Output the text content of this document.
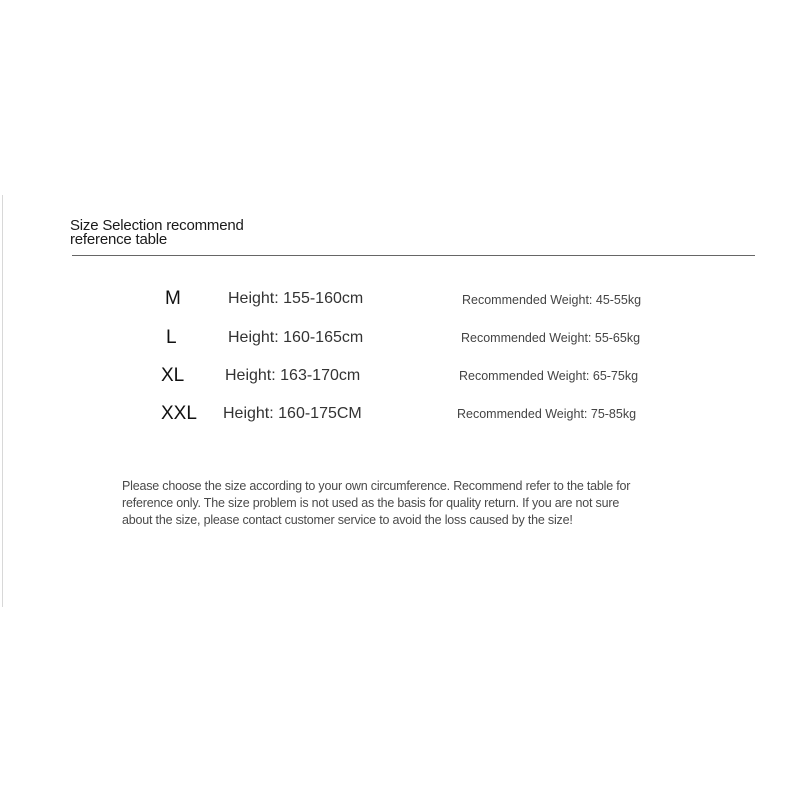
Size Selection recommend
reference table
M	Height: 155-160cm	Recommended Weight: 45-55kg
L	Height: 160-165cm	Recommended Weight: 55-65kg
XL	Height: 163-170cm	Recommended Weight: 65-75kg
XXL Height: 160-175CM	Recommended Weight: 75-85kg
Please choose the size according to your own circumference. Recommend refer to the table for
reference only. The size problem is not used as the basis for quality return. If you are not sure
about the size, please contact customer service to avoid the loss caused by the size!
